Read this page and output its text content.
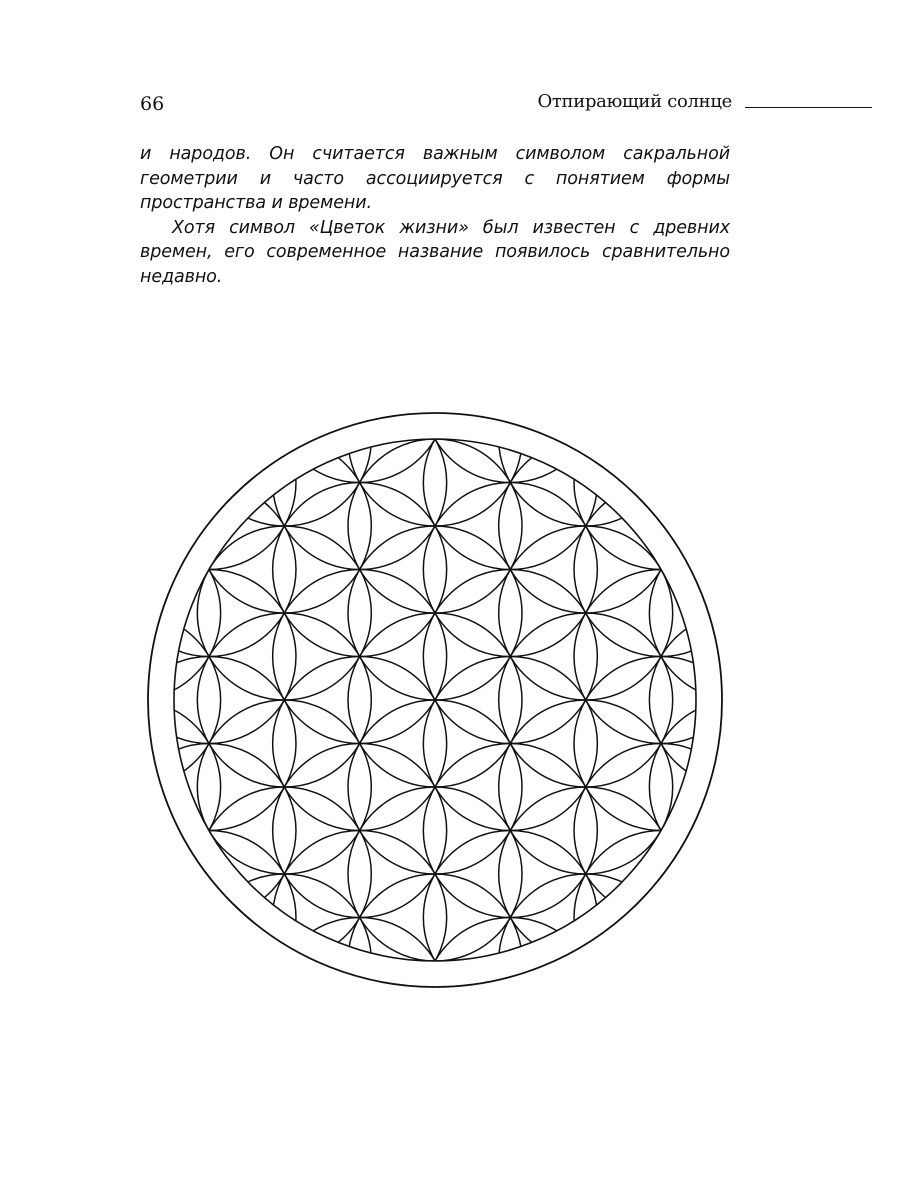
66	Отпирающий солнце

и народов. Он считается важным символом сакральной геометрии и часто ассоциируется с понятием формы пространства и времени.

Хотя символ «Цветок жизни» был известен с древних времен, его современное название появилось сравнительно недавно.
